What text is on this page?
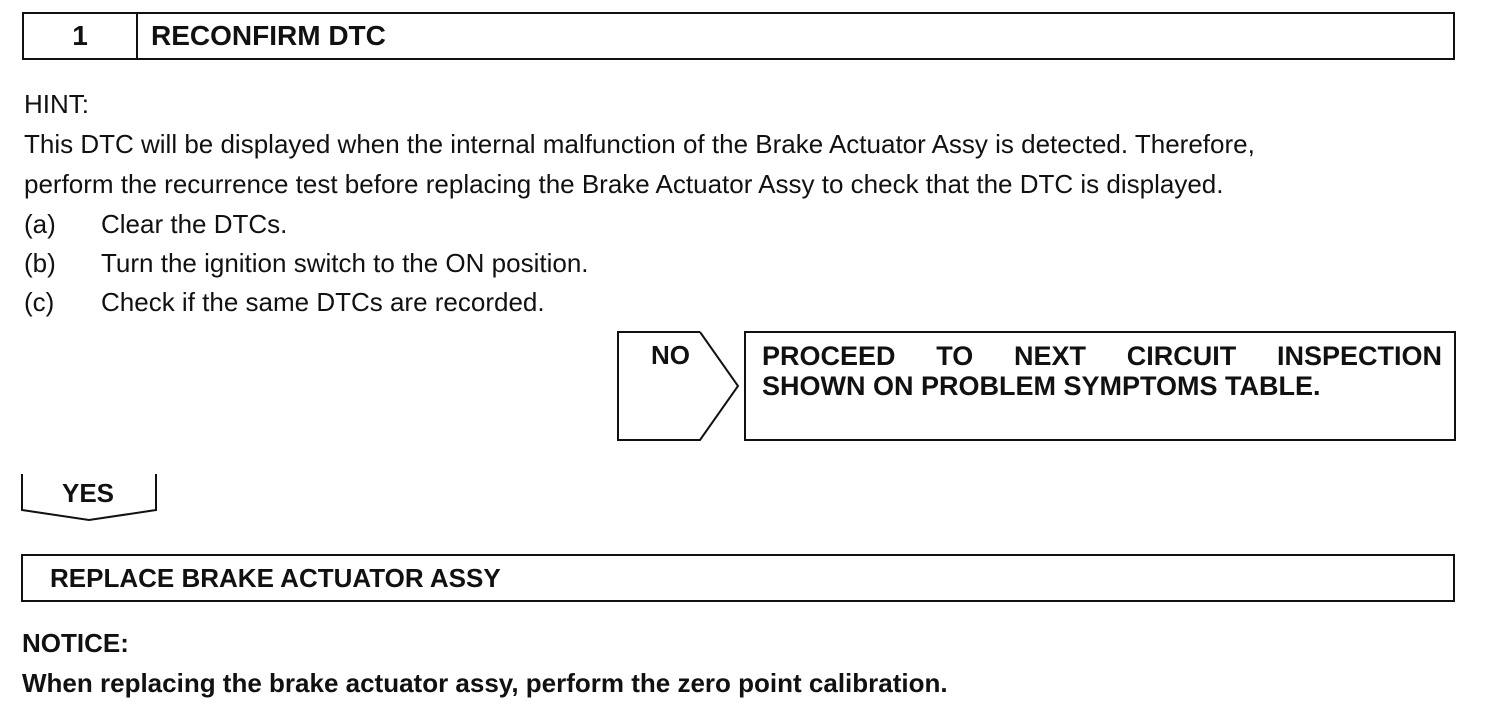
1	RECONFIRM DTC
HINT:
This DTC will be displayed when the internal malfunction of the Brake Actuator Assy is detected. Therefore,
perform the recurrence test before replacing the Brake Actuator Assy to check that the DTC is displayed.
(a) Clear the DTCs.
(b) Turn the ignition switch to the ON position.
(c) Check if the same DTCs are recorded.
NO	PROCEED TO NEXT CIRCUIT INSPECTION
SHOWN ON PROBLEM SYMPTOMS TABLE.
YES
REPLACE BRAKE ACTUATOR ASSY
NOTICE:
When replacing the brake actuator assy, perform the zero point calibration.
